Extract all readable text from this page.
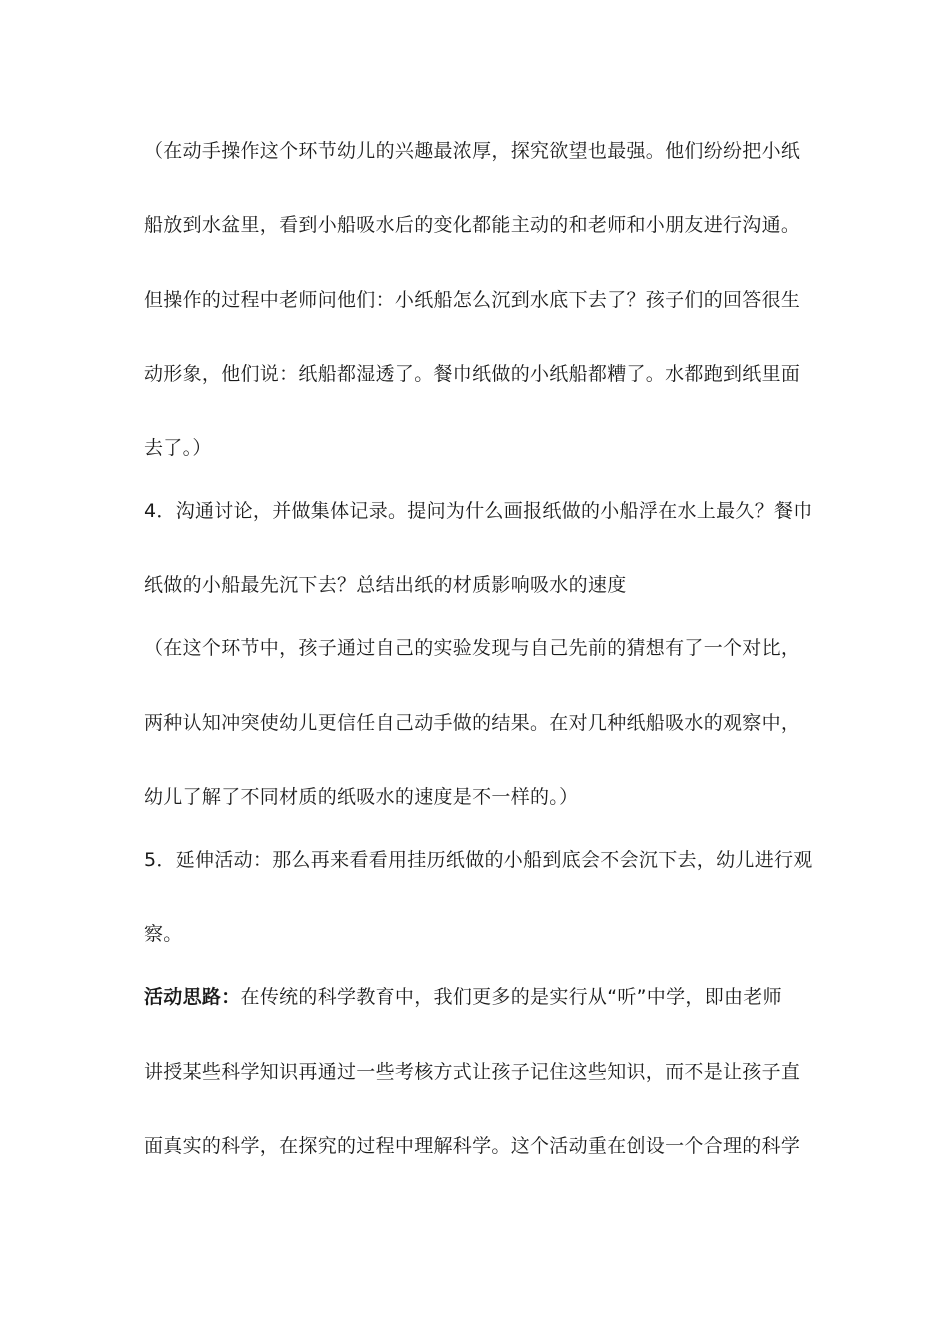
（在动手操作这个环节幼儿的兴趣最浓厚，探究欲望也最强。他们纷纷把小纸
船放到水盆里，看到小船吸水后的变化都能主动的和老师和小朋友进行沟通。
但操作的过程中老师问他们：小纸船怎么沉到水底下去了？孩子们的回答很生
动形象，他们说：纸船都湿透了。餐巾纸做的小纸船都糟了。水都跑到纸里面
去了。）
4．沟通讨论，并做集体记录。提问为什么画报纸做的小船浮在水上最久？餐巾
纸做的小船最先沉下去？总结出纸的材质影响吸水的速度
（在这个环节中，孩子通过自己的实验发现与自己先前的猜想有了一个对比，
两种认知冲突使幼儿更信任自己动手做的结果。在对几种纸船吸水的观察中，
幼儿了解了不同材质的纸吸水的速度是不一样的。）
5．延伸活动：那么再来看看用挂历纸做的小船到底会不会沉下去，幼儿进行观
察。
活动思路：在传统的科学教育中，我们更多的是实行从“听”中学，即由老师
讲授某些科学知识再通过一些考核方式让孩子记住这些知识，而不是让孩子直
面真实的科学，在探究的过程中理解科学。这个活动重在创设一个合理的科学
